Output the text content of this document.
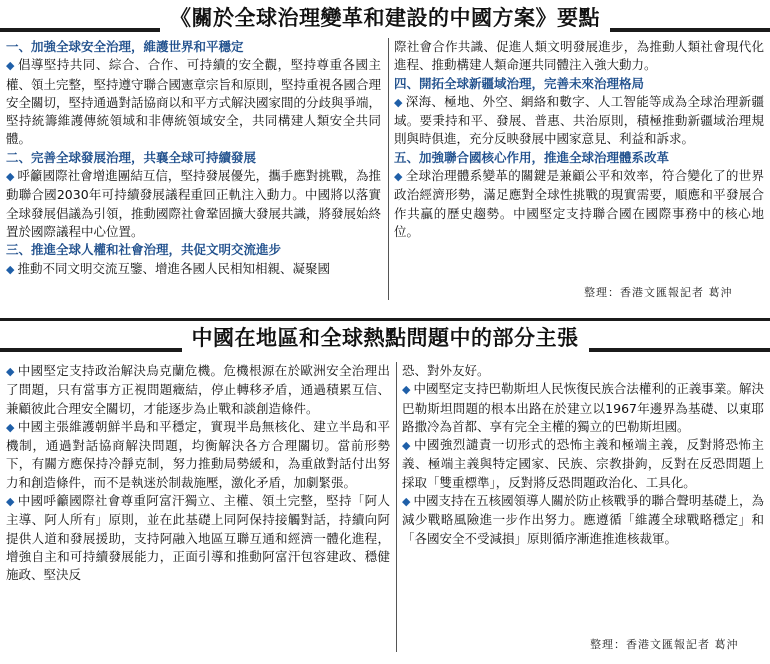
《關於全球治理變革和建設的中國方案》要點
一、加強全球安全治理，維護世界和平穩定
◆ 倡導堅持共同、綜合、合作、可持續的安全觀，堅持尊重各國主權、領土完整，堅持遵守聯合國憲章宗旨和原則，堅持重視各國合理安全關切，堅持通過對話協商以和平方式解決國家間的分歧與爭端，堅持統籌維護傳統領域和非傳統領域安全，共同構建人類安全共同體。
二、完善全球發展治理，共襄全球可持續發展
◆ 呼籲國際社會增進團結互信，堅持發展優先，攜手應對挑戰，為推動聯合國2030年可持續發展議程重回正軌注入動力。中國將以落實全球發展倡議為引領，推動國際社會鞏固擴大發展共識，將發展始終置於國際議程中心位置。
三、推進全球人權和社會治理，共促文明交流進步
◆ 推動不同文明交流互鑒、增進各國人民相知相親、凝聚國
際社會合作共識、促進人類文明發展進步，為推動人類社會現代化進程、推動構建人類命運共同體注入強大動力。
四、開拓全球新疆域治理，完善未來治理格局
◆ 深海、極地、外空、網絡和數字、人工智能等成為全球治理新疆域。要秉持和平、發展、普惠、共治原則，積極推動新疆域治理規則與時俱進，充分反映發展中國家意見、利益和訴求。
五、加強聯合國核心作用，推進全球治理體系改革
◆ 全球治理體系變革的關鍵是兼顧公平和效率，符合變化了的世界政治經濟形勢，滿足應對全球性挑戰的現實需要，順應和平發展合作共贏的歷史趨勢。中國堅定支持聯合國在國際事務中的核心地位。
整理：香港文匯報記者 葛沖
中國在地區和全球熱點問題中的部分主張
◆ 中國堅定支持政治解決烏克蘭危機。危機根源在於歐洲安全治理出了問題，只有當事方正視問題癥結，停止轉移矛盾，通過積累互信、兼顧彼此合理安全關切，才能逐步為止戰和談創造條件。
◆ 中國主張維護朝鮮半島和平穩定，實現半島無核化、建立半島和平機制，通過對話協商解決問題，均衡解決各方合理關切。當前形勢下，有關方應保持冷靜克制，努力推動局勢緩和，為重啟對話付出努力和創造條件，而不是執迷於制裁施壓，激化矛盾，加劇緊張。
◆ 中國呼籲國際社會尊重阿富汗獨立、主權、領土完整，堅持「阿人主導、阿人所有」原則，並在此基礎上同阿保持接觸對話，持續向阿提供人道和發展援助，支持阿融入地區互聯互通和經濟一體化進程，增強自主和可持續發展能力，正面引導和推動阿富汗包容建政、穩健施政、堅決反
恐、對外友好。
◆ 中國堅定支持巴勒斯坦人民恢復民族合法權利的正義事業。解決巴勒斯坦問題的根本出路在於建立以1967年邊界為基礎、以東耶路撒冷為首都、享有完全主權的獨立的巴勒斯坦國。
◆ 中國強烈譴責一切形式的恐怖主義和極端主義，反對將恐怖主義、極端主義與特定國家、民族、宗教掛鉤，反對在反恐問題上採取「雙重標準」，反對將反恐問題政治化、工具化。
◆ 中國支持在五核國領導人關於防止核戰爭的聯合聲明基礎上，為減少戰略風險進一步作出努力。應遵循「維護全球戰略穩定」和「各國安全不受減損」原則循序漸進推進核裁軍。
整理：香港文匯報記者 葛沖
